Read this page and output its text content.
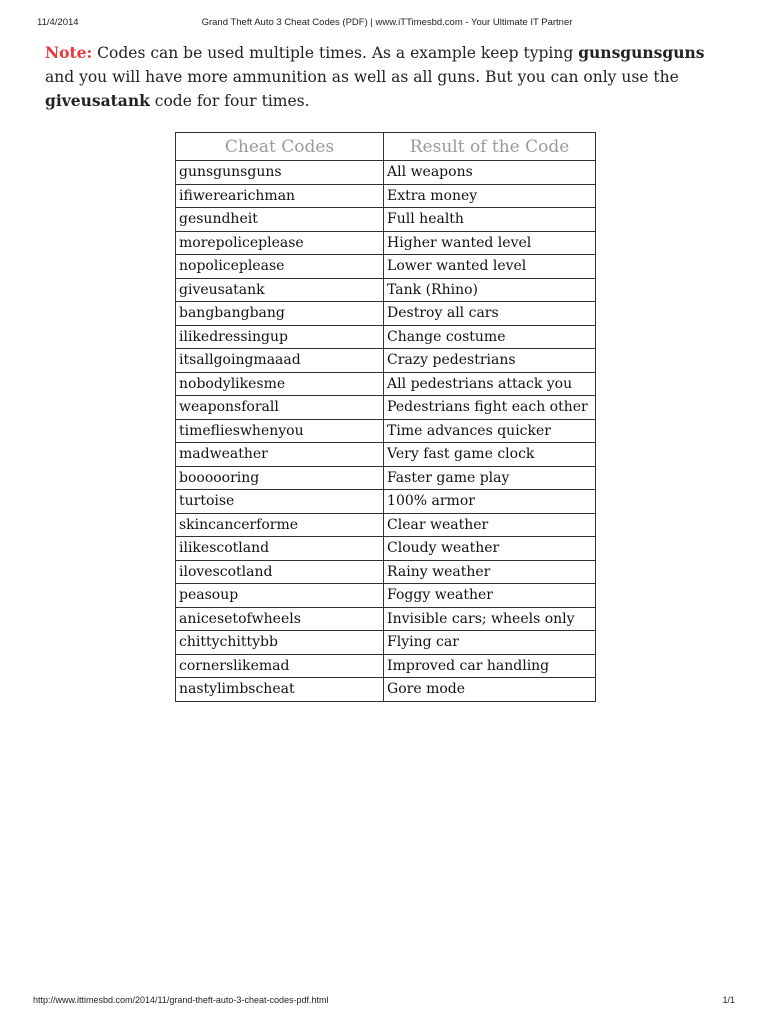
11/4/2014	Grand Theft Auto 3 Cheat Codes (PDF) | www.iTTimesbd.com - Your Ultimate IT Partner

Note: Codes can be used multiple times. As a example keep typing gunsgunsguns and you will have more ammunition as well as all guns. But you can only use the giveusatank code for four times.

Cheat Codes	Result of the Code
gunsgunsguns	All weapons
ifiwerearichman	Extra money
gesundheit	Full health
morepoliceplease	Higher wanted level
nopoliceplease	Lower wanted level
giveusatank	Tank (Rhino)
bangbangbang	Destroy all cars
ilikedressingup	Change costume
itsallgoingmaaad	Crazy pedestrians
nobodylikesme	All pedestrians attack you
weaponsforall	Pedestrians fight each other
timeflieswhenyou	Time advances quicker
madweather	Very fast game clock
boooooring	Faster game play
turtoise	100% armor
skincancerforme	Clear weather
ilikescotland	Cloudy weather
ilovescotland	Rainy weather
peasoup	Foggy weather
anicesetofwheels	Invisible cars; wheels only
chittychittybb	Flying car
cornerslikemad	Improved car handling
nastylimbscheat	Gore mode
http://www.ittimesbd.com/2014/11/grand-theft-auto-3-cheat-codes-pdf.html	1/1
